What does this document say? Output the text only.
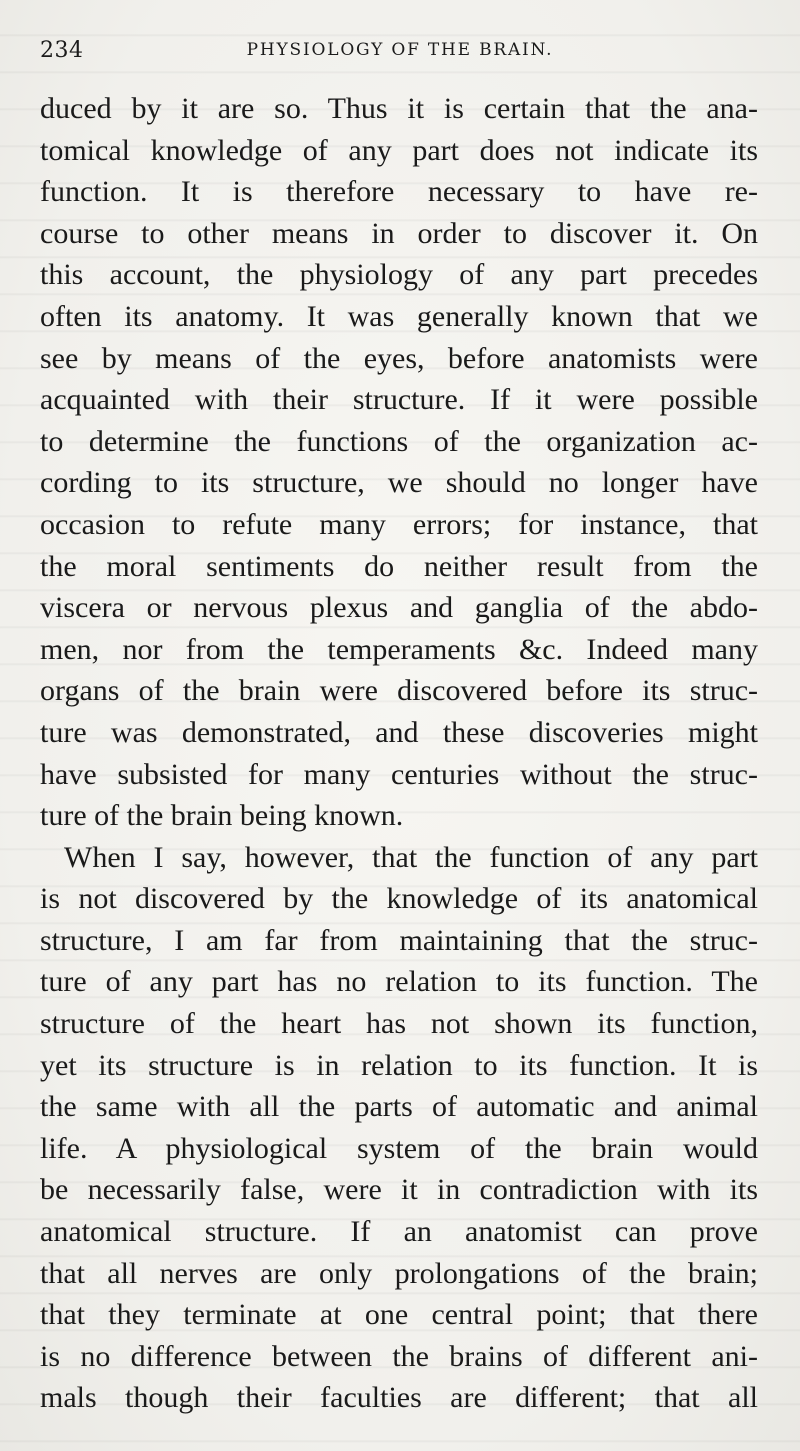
234	PHYSIOLOGY OF THE BRAIN.
duced by it are so. Thus it is certain that the ana-
tomical knowledge of any part does not indicate its
function. It is therefore necessary to have re-
course to other means in order to discover it. On
this account, the physiology of any part precedes
often its anatomy. It was generally known that we
see by means of the eyes, before anatomists were
acquainted with their structure. If it were possible
to determine the functions of the organization ac-
cording to its structure, we should no longer have
occasion to refute many errors; for instance, that
the moral sentiments do neither result from the
viscera or nervous plexus and ganglia of the abdo-
men, nor from the temperaments &c. Indeed many
organs of the brain were discovered before its struc-
ture was demonstrated, and these discoveries might
have subsisted for many centuries without the struc-
ture of the brain being known.
When I say, however, that the function of any part
is not discovered by the knowledge of its anatomical
structure, I am far from maintaining that the struc-
ture of any part has no relation to its function. The
structure of the heart has not shown its function,
yet its structure is in relation to its function. It is
the same with all the parts of automatic and animal
life. A physiological system of the brain would
be necessarily false, were it in contradiction with its
anatomical structure. If an anatomist can prove
that all nerves are only prolongations of the brain;
that they terminate at one central point; that there
is no difference between the brains of different ani-
mals though their faculties are different; that all
